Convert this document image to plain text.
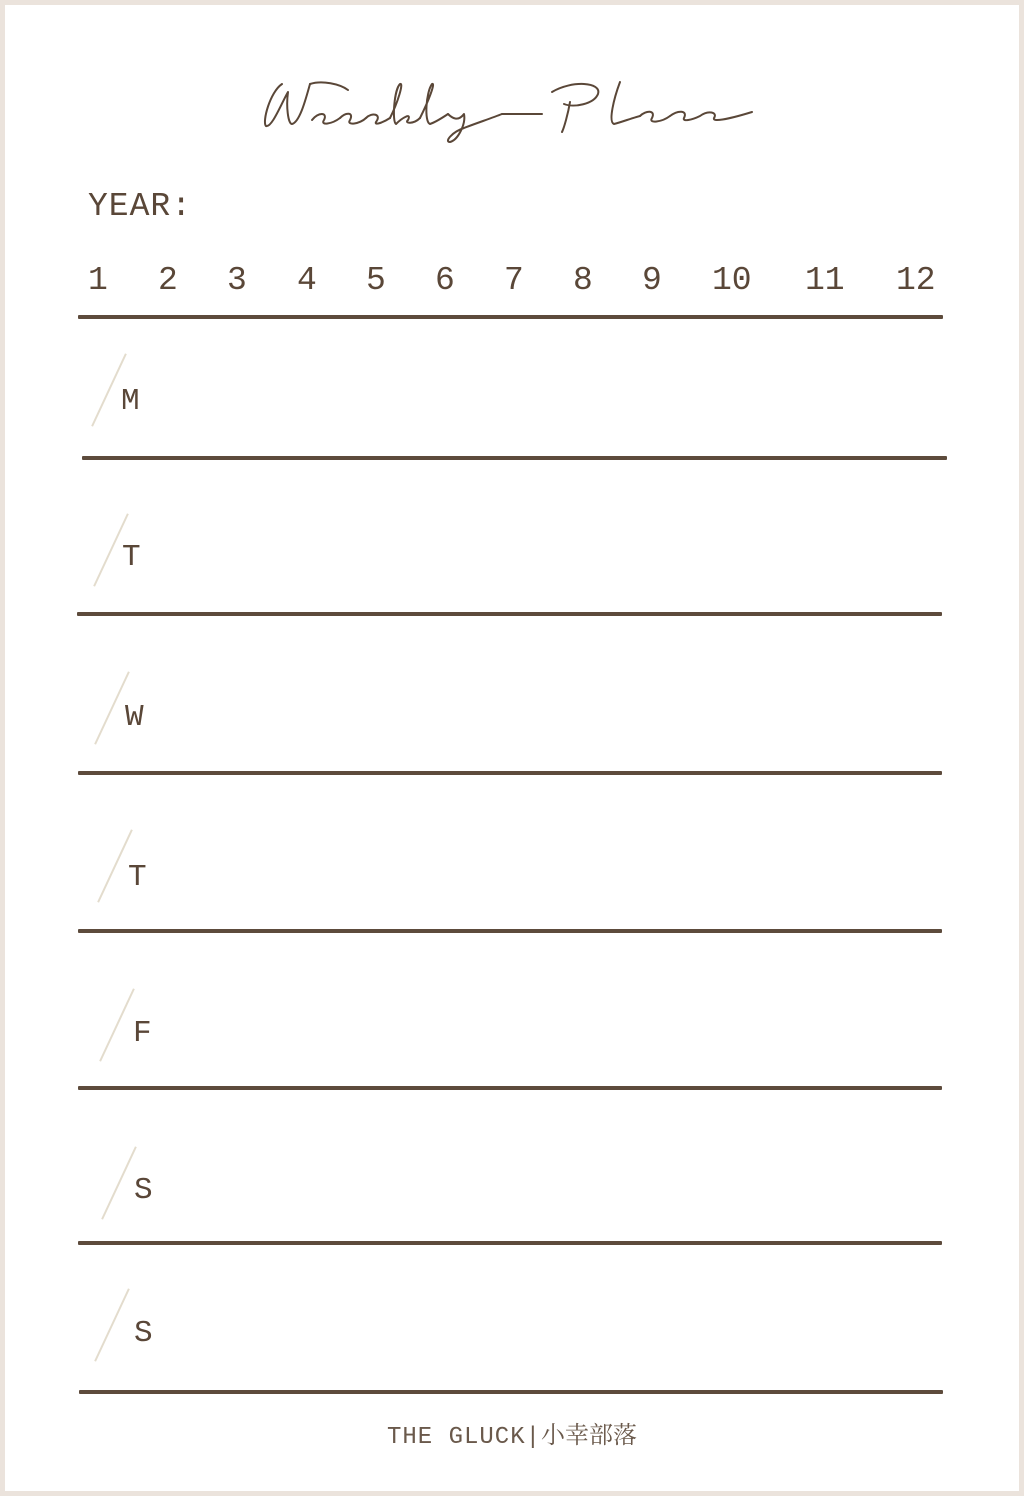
YEAR:
1 2 3 4 5 6 7 8 9 10 11 12
M
T
W
T
F
S
S
THE GLUCK|小幸部落
